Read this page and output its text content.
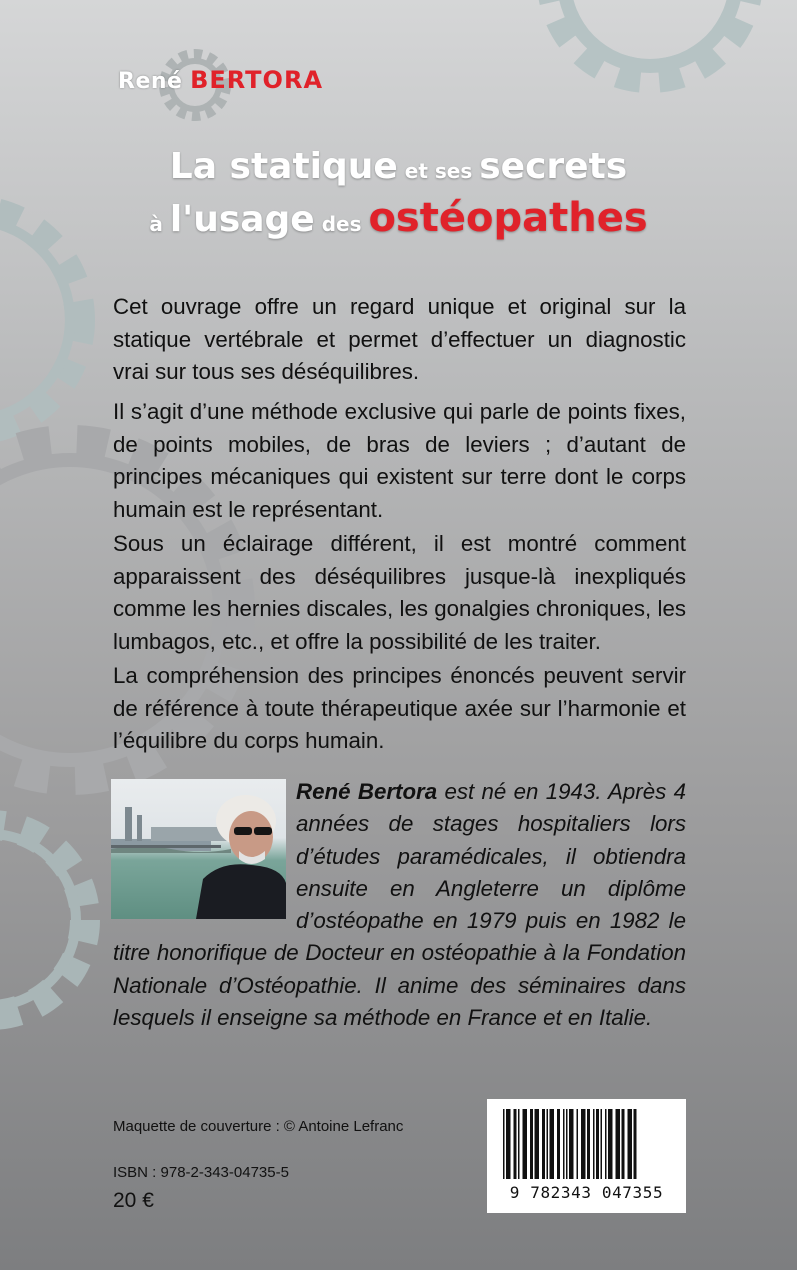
René BERTORA
La statique et ses secrets
à l'usage des ostéopathes

Cet ouvrage offre un regard unique et original sur la statique vertébrale et permet d’effectuer un diagnostic vrai sur tous ses déséquilibres.

Il s’agit d’une méthode exclusive qui parle de points fixes, de points mobiles, de bras de leviers ; d’autant de principes mécaniques qui existent sur terre dont le corps humain est le représentant.

Sous un éclairage différent, il est montré comment apparaissent des déséquilibres jusque-là inexpliqués comme les hernies discales, les gonalgies chroniques, les lumbagos, etc., et offre la possibilité de les traiter.

La compréhension des principes énoncés peuvent servir de référence à toute thérapeutique axée sur l’harmonie et l’équilibre du corps humain.

René Bertora est né en 1943. Après 4 années de stages hospitaliers lors d’études paramédicales, il obtiendra ensuite en Angleterre un diplôme d’ostéopathe en 1979 puis en 1982 le titre honorifique de Docteur en ostéopathie à la Fondation Nationale d’Ostéopathie. Il anime des séminaires dans lesquels il enseigne sa méthode en France et en Italie.

Maquette de couverture : © Antoine Lefranc
ISBN : 978-2-343-04735-5
20 €	9 782343 047355
